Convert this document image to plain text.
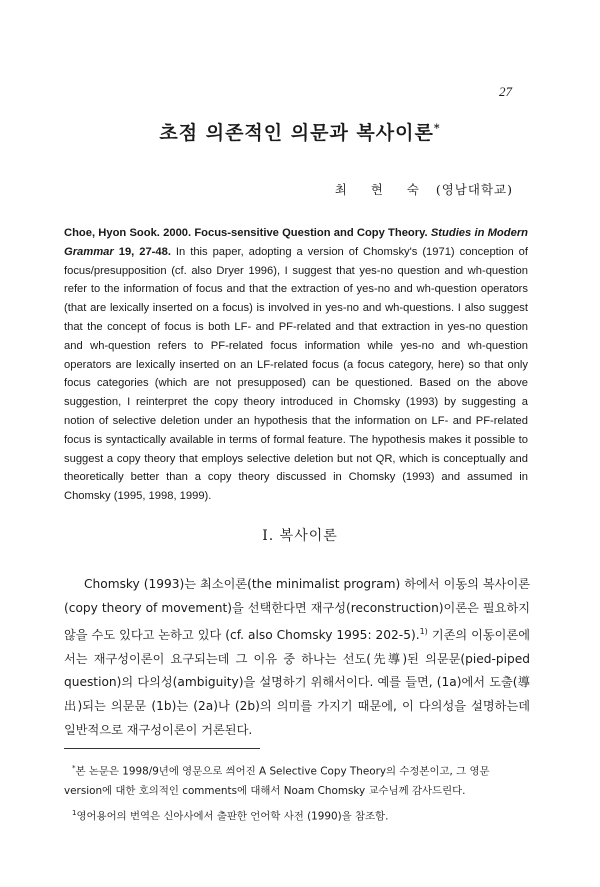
27
초점 의존적인 의문과 복사이론*
최 현 숙 (영남대학교)
Choe, Hyon Sook. 2000. Focus-sensitive Question and Copy Theory. Studies in Modern Grammar 19, 27-48. In this paper, adopting a version of Chomsky's (1971) conception of focus/presupposition (cf. also Dryer 1996), I suggest that yes-no question and wh-question refer to the information of focus and that the extraction of yes-no and wh-question operators (that are lexically inserted on a focus) is involved in yes-no and wh-questions. I also suggest that the concept of focus is both LF- and PF-related and that extraction in yes-no question and wh-question refers to PF-related focus information while yes-no and wh-question operators are lexically inserted on an LF-related focus (a focus category, here) so that only focus categories (which are not presupposed) can be questioned. Based on the above suggestion, I reinterpret the copy theory introduced in Chomsky (1993) by suggesting a notion of selective deletion under an hypothesis that the information on LF- and PF-related focus is syntactically available in terms of formal feature. The hypothesis makes it possible to suggest a copy theory that employs selective deletion but not QR, which is conceptually and theoretically better than a copy theory discussed in Chomsky (1993) and assumed in Chomsky (1995, 1998, 1999).
I. 복사이론
Chomsky (1993)는 최소이론(the minimalist program) 하에서 이동의 복사이론(copy theory of movement)을 선택한다면 재구성(reconstruction)이론은 필요하지 않을 수도 있다고 논하고 있다 (cf. also Chomsky 1995: 202-5).$^{1)}$ 기존의 이동이론에서는 재구성이론이 요구되는데 그 이유 중 하나는 선도(先導)된 의문문(pied-piped question)의 다의성(ambiguity)을 설명하기 위해서이다. 예를 들면, (1a)에서 도출(導出)되는 의문문 (1b)는 (2a)나 (2b)의 의미를 가지기 때문에, 이 다의성을 설명하는데 일반적으로 재구성이론이 거론된다.

*본 논문은 1998/9년에 영문으로 씌어진 A Selective Copy Theory의 수정본이고, 그 영문 version에 대한 호의적인 comments에 대해서 Noam Chomsky 교수님께 감사드린다.

$^1$영어용어의 번역은 신아사에서 출판한 언어학 사전 (1990)을 참조함.
